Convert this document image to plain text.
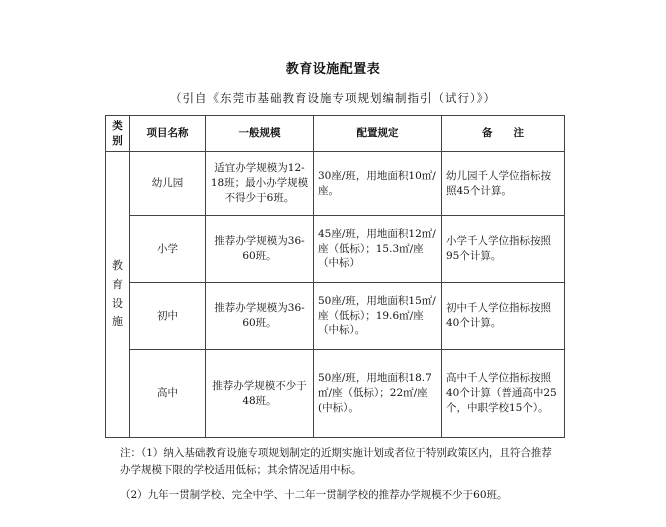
教育设施配置表
（引自《东莞市基础教育设施专项规划编制指引（试行）》）
类别	项目名称	一般规模	配置规定	备　　注

教
育
设
施	幼儿园	适宜办学规模为12-18班；最小办学规模不得少于6班。	30座/班，用地面积10㎡/座。	幼儿园千人学位指标按照45个计算。
	小学	推荐办学规模为36-60班。	45座/班，用地面积12㎡/座（低标）；15.3㎡/座（中标）	小学千人学位指标按照95个计算。
	初中	推荐办学规模为36-60班。	50座/班，用地面积15㎡/座（低标）；19.6㎡/座（中标）。	初中千人学位指标按照40个计算。
	高中	推荐办学规模不少于48班。	50座/班，用地面积18.7㎡/座（低标）；22㎡/座(中标）。	高中千人学位指标按照40个计算（普通高中25个，中职学校15个）。

注：（1）纳入基础教育设施专项规划制定的近期实施计划或者位于特别政策区内，且符合推荐办学规模下限的学校适用低标；其余情况适用中标。

（2）九年一贯制学校、完全中学、十二年一贯制学校的推荐办学规模不少于60班。
